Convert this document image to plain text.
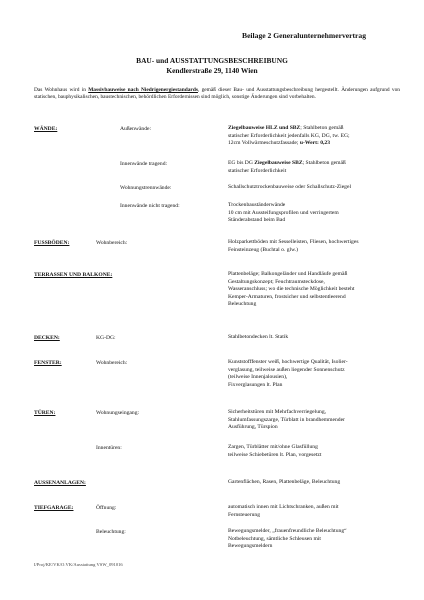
Beilage 2 Generalunternehmervertrag
BAU- und AUSSTATTUNGSBESCHREIBUNG
Kendlerstraße 29, 1140 Wien
Das Wohnhaus wird in Massivbauweise nach Niedrigenergiestandards, gemäß dieser Bau- und Ausstattungsbeschreibung hergestellt. Änderungen aufgrund von statischen, bauphysikalischen, baustechnischen, behördlichen Erfordernissen sind möglich, sonstige Änderungen sind vorbehalten.
WÄNDE:	Außenwände:	Ziegelbauweise HLZ und SBZ; Stahlbeton gemäß
statischer Erforderlichkeit jedenfalls KG, DG, tw. EG;
12cm Vollwärmeschutzfassade; u-Wert: 0,23
Innenwände tragend:	EG bis DG Ziegelbauweise SBZ; Stahlbeton gemäß
statischer Erforderlichkeit
Wohnungstrennwände:	Schallschutztrockenbauweise oder Schallschutz-Ziegel
Innenwände nicht tragend:	Trockenbauständerwände
10 cm mit Aussteifungsprofilen und verringertem
Ständerabstand beim Bad
FUSSBÖDEN:	Wohnbereich:	Holzparkettböden mit Sesselleisten, Fliesen, hochwertiges
Feinsteinzeug (Buchtal o. glw.)
TERRASSEN UND BALKONE:	Plattenbeläge; Balkongeländer und Handläufe gemäß
Gestaltungskonzept; Feuchtraumsteckdose,
Wasseranschluss; wo die technische Möglichkeit besteht
Kemper-Armaturen, frostsicher und selbstentleerend
Beleuchtung
DECKEN:	KG-DG:	Stahlbetondecken lt. Statik
FENSTER:	Wohnbereich:	Kunststofffenster weiß, hochwertige Qualität, Isolier-
verglasung, teilweise außen liegender Sonnenschutz
(teilweise Innenjalousien),
Fixverglasungen lt. Plan
TÜREN:	Wohnungseingang:	Sicherheitstüren mit Mehrfachverriegelung,
Stahlumfassungszarge, Türblatt in brandhemmender
Ausführung, Türspion
Innentüren:	Zargen, Türblätter mit/ohne Glasfüllung
teilweise Schiebetüren lt. Plan, vorgesetzt
AUSSENANLAGEN:	Gartenflächen, Rasen, Plattenbeläge, Beleuchtung
TIEFGARAGE:	Öffnung:	automatisch innen mit Lichtschranken, außen mit
Fernsteuerung
Beleuchtung:	Bewegungsmelder, „frauenfreundliche Beleuchtung“
Notbeleuchtung, sämtliche Schleusen mit
Bewegungsmeldern
I/Proj/KE/VK/O.VK/Ausstattung VSW_091016
